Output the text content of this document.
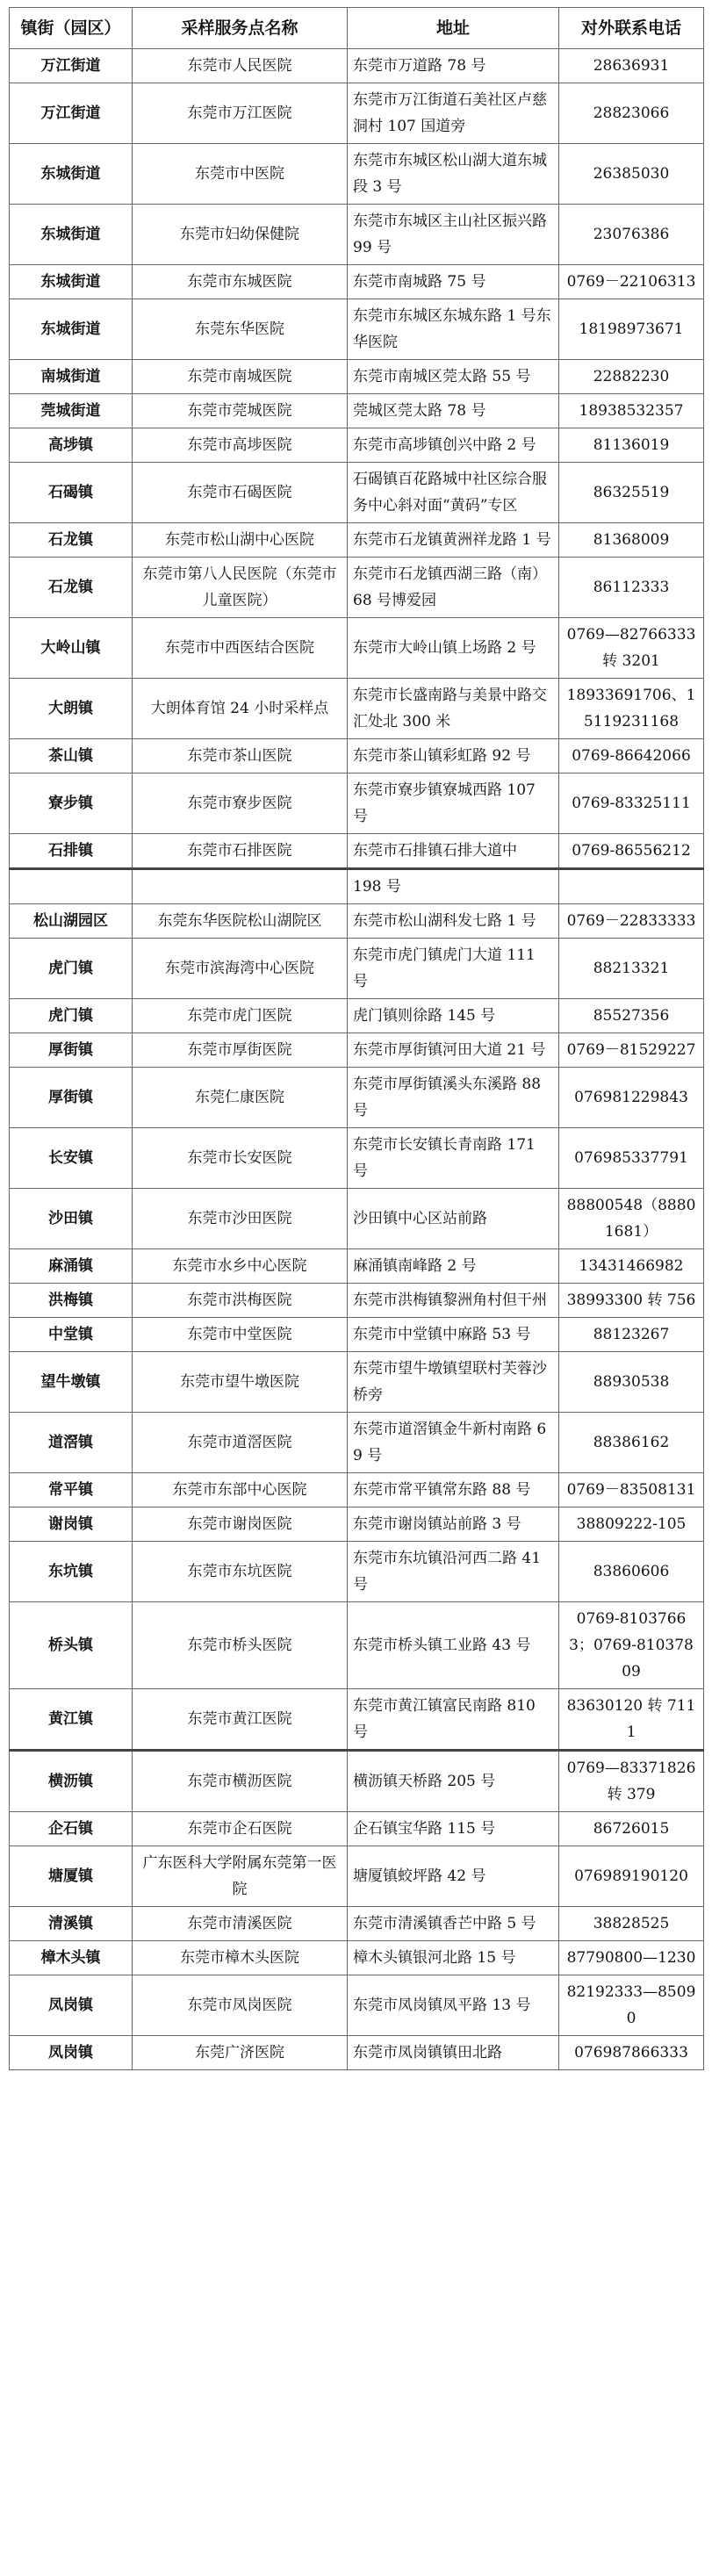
镇街（园区）	采样服务点名称	地址	对外联系电话
万江街道	东莞市人民医院	东莞市万道路 78 号	28636931
万江街道	东莞市万江医院	东莞市万江街道石美社区卢慈洞村 107 国道旁	28823066
东城街道	东莞市中医院	东莞市东城区松山湖大道东城段 3 号	26385030
东城街道	东莞市妇幼保健院	东莞市东城区主山社区振兴路 99 号	23076386
东城街道	东莞市东城医院	东莞市南城路 75 号	0769－22106313
东城街道	东莞东华医院	东莞市东城区东城东路 1 号东华医院	18198973671
南城街道	东莞市南城医院	东莞市南城区莞太路 55 号	22882230
莞城街道	东莞市莞城医院	莞城区莞太路 78 号	18938532357
高埗镇	东莞市高埗医院	东莞市高埗镇创兴中路 2 号	81136019
石碣镇	东莞市石碣医院	石碣镇百花路城中社区综合服务中心斜对面“黄码”专区	86325519
石龙镇	东莞市松山湖中心医院	东莞市石龙镇黄洲祥龙路 1 号	81368009
石龙镇	东莞市第八人民医院（东莞市儿童医院）	东莞市石龙镇西湖三路（南）68 号博爱园	86112333
大岭山镇	东莞市中西医结合医院	东莞市大岭山镇上场路 2 号	0769—82766333 转 3201
大朗镇	大朗体育馆 24 小时采样点	东莞市长盛南路与美景中路交汇处北 300 米	18933691706、15119231168
茶山镇	东莞市茶山医院	东莞市茶山镇彩虹路 92 号	0769-86642066
寮步镇	东莞市寮步医院	东莞市寮步镇寮城西路 107 号	0769-83325111
石排镇	东莞市石排医院	东莞市石排镇石排大道中	0769-86556212
		198 号	
松山湖园区	东莞东华医院松山湖院区	东莞市松山湖科发七路 1 号	0769－22833333
虎门镇	东莞市滨海湾中心医院	东莞市虎门镇虎门大道 111 号	88213321
虎门镇	东莞市虎门医院	虎门镇则徐路 145 号	85527356
厚街镇	东莞市厚街医院	东莞市厚街镇河田大道 21 号	0769－81529227
厚街镇	东莞仁康医院	东莞市厚街镇溪头东溪路 88 号	076981229843
长安镇	东莞市长安医院	东莞市长安镇长青南路 171 号	076985337791
沙田镇	东莞市沙田医院	沙田镇中心区站前路	88800548（88801681）
麻涌镇	东莞市水乡中心医院	麻涌镇南峰路 2 号	13431466982
洪梅镇	东莞市洪梅医院	东莞市洪梅镇黎洲角村但干州	38993300 转 756
中堂镇	东莞市中堂医院	东莞市中堂镇中麻路 53 号	88123267
望牛墩镇	东莞市望牛墩医院	东莞市望牛墩镇望联村芙蓉沙桥旁	88930538
道滘镇	东莞市道滘医院	东莞市道滘镇金牛新村南路 69 号	88386162
常平镇	东莞市东部中心医院	东莞市常平镇常东路 88 号	0769－83508131
谢岗镇	东莞市谢岗医院	东莞市谢岗镇站前路 3 号	38809222-105
东坑镇	东莞市东坑医院	东莞市东坑镇沿河西二路 41 号	83860606
桥头镇	东莞市桥头医院	东莞市桥头镇工业路 43 号	0769-81037663；0769-81037809
黄江镇	东莞市黄江医院	东莞市黄江镇富民南路 810 号	83630120 转 7111
横沥镇	东莞市横沥医院	横沥镇天桥路 205 号	0769—83371826 转 379
企石镇	东莞市企石医院	企石镇宝华路 115 号	86726015
塘厦镇	广东医科大学附属东莞第一医院	塘厦镇蛟坪路 42 号	076989190120
清溪镇	东莞市清溪医院	东莞市清溪镇香芒中路 5 号	38828525
樟木头镇	东莞市樟木头医院	樟木头镇银河北路 15 号	87790800—1230
凤岗镇	东莞市凤岗医院	东莞市凤岗镇凤平路 13 号	82192333—85090
凤岗镇	东莞广济医院	东莞市凤岗镇镇田北路	076987866333
